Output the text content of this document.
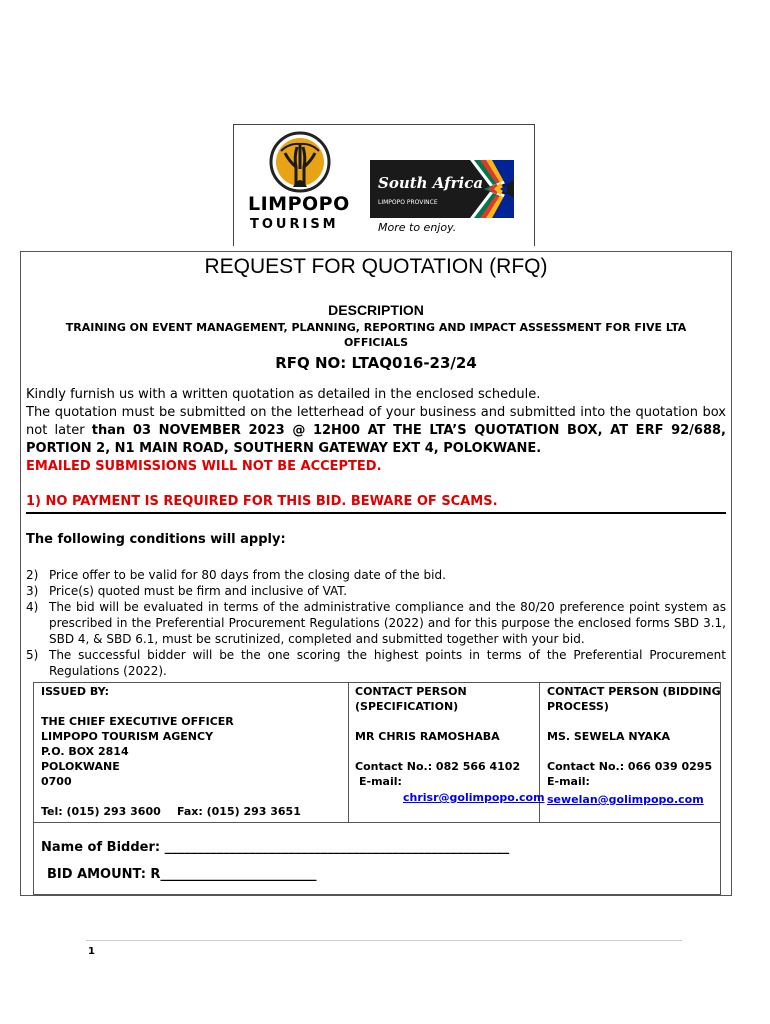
LIMPOPO
TOURISM
South Africa
LIMPOPO PROVINCE
More to enjoy.
REQUEST FOR QUOTATION (RFQ)
DESCRIPTION
TRAINING ON EVENT MANAGEMENT, PLANNING, REPORTING AND IMPACT ASSESSMENT FOR FIVE LTA OFFICIALS
RFQ NO: LTAQ016-23/24
Kindly furnish us with a written quotation as detailed in the enclosed schedule.
The quotation must be submitted on the letterhead of your business and submitted into the quotation box not later than 03 NOVEMBER 2023 @ 12H00 AT THE LTA’S QUOTATION BOX, AT ERF 92/688, PORTION 2, N1 MAIN ROAD, SOUTHERN GATEWAY EXT 4, POLOKWANE.
EMAILED SUBMISSIONS WILL NOT BE ACCEPTED.
1) NO PAYMENT IS REQUIRED FOR THIS BID. BEWARE OF SCAMS.
The following conditions will apply:
2) Price offer to be valid for 80 days from the closing date of the bid.
3) Price(s) quoted must be firm and inclusive of VAT.
4) The bid will be evaluated in terms of the administrative compliance and the 80/20 preference point system as prescribed in the Preferential Procurement Regulations (2022) and for this purpose the enclosed forms SBD 3.1, SBD 4, & SBD 6.1, must be scrutinized, completed and submitted together with your bid.
5) The successful bidder will be the one scoring the highest points in terms of the Preferential Procurement Regulations (2022).
ISSUED BY:
THE CHIEF EXECUTIVE OFFICER
LIMPOPO TOURISM AGENCY
P.O. BOX 2814
POLOKWANE
0700
Tel: (015) 293 3600 Fax: (015) 293 3651
CONTACT PERSON
(SPECIFICATION)
MR CHRIS RAMOSHABA
Contact No.: 082 566 4102
E-mail:
chrisr@golimpopo.com
CONTACT PERSON (BIDDING
PROCESS)
MS. SEWELA NYAKA
Contact No.: 066 039 0295
E-mail:
sewelan@golimpopo.com
Name of Bidder: _____________________________________________________
BID AMOUNT: R________________________
1
